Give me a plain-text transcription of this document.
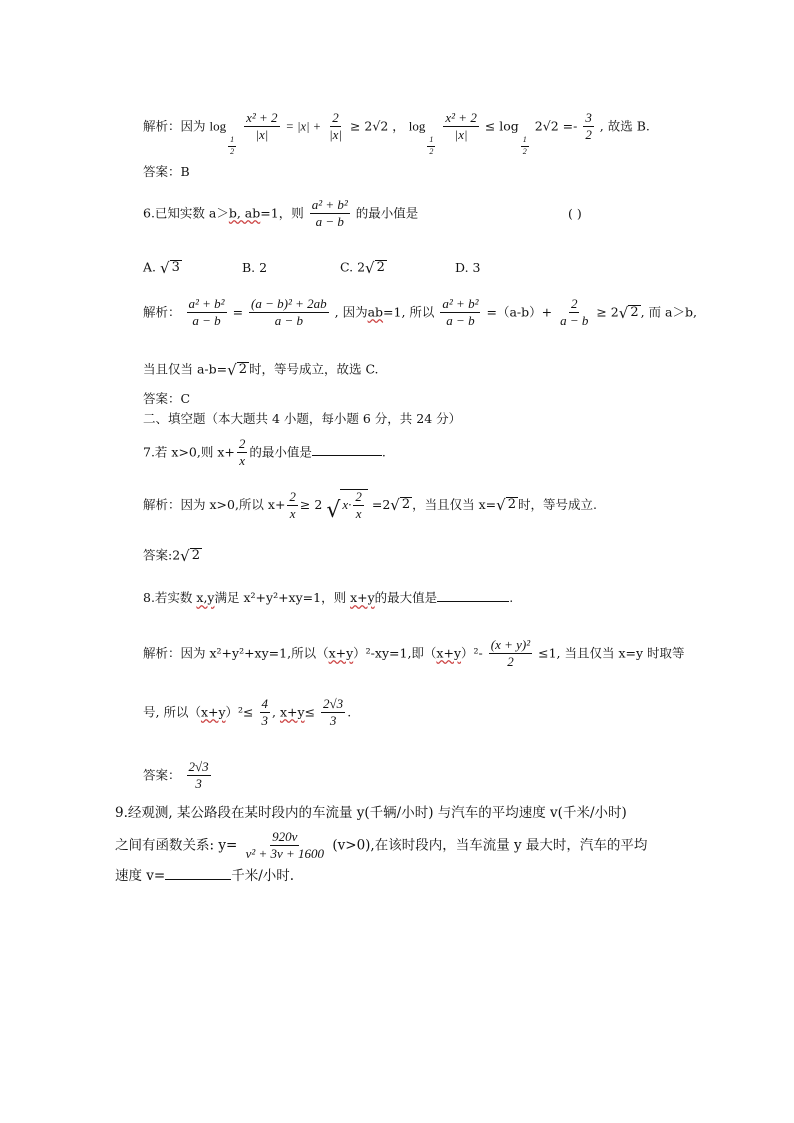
解析：因为 log
$\frac{1}{2}$

$\frac{\text{x² + 2}}{|x|} = |x| + \frac{2}{|x|} \ge 2√2$ ， log
$\frac{1}{2}$

$\frac{\text{x² + 2}}{|x|} \le \log$
$\frac{1}{2}$
$2√2 =- \frac{3}{2}$ , 故选 B.
答案：B
6.已知实数 a＞b, ab=1，则 $\frac{\text{a² + b²}}{a - b}$ 的最小值是	( )
A. √ 3	B. 2	C. 2 √ 2	D. 3
解析： $\frac{\text{a² + b²}}{a - b} = \frac{\text{(a − b)² + 2ab}}{a - b}$ , 因为ab=1, 所以 $\frac{\text{a² + b²}}{a - b} =(a-b)+ \frac{2}{a - b} \ge 2$ √ 2 , 而 a＞b,
当且仅当 a-b= √ 2 时，等号成立，故选 C.
答案：C
二、填空题（本大题共 4 小题，每小题 6 分，共 24 分）
7.若 x>0,则 $x+ \frac{2}{x}$ 的最小值是	.
解析：因为 x>0,所以 $x+ \frac{2}{x} \ge 2$ √ $x\cdot \frac{2}{x} =2$ √ 2 ，当且仅当 x= √ 2 时，等号成立.
答案:2 √ 2
8.若实数 x,y满足 x²+y²+xy=1，则 x+y的最大值是	.
解析：因为 x²+y²+xy=1,所以（x+y）²-xy=1,即$(x+y)^2- \frac{\text{(x + y)²}}{2} \le 1$, 当且仅当 x=y 时取等
号, 所以$(x+y)^2\le \frac{4}{3}$ , $x+y\le \frac{2√3}{3}$ .
答案： $\frac{2√3}{3}$
9.经观测, 某公路段在某时段内的车流量 y(千辆/小时) 与汽车的平均速度 v(千米/小时)
之间有函数关系: $y= \frac{920v}{\text{v² + 3v + 1600}} (v>0)$,在该时段内，当车流量 y 最大时，汽车的平均
速度 v=	千米/小时.
